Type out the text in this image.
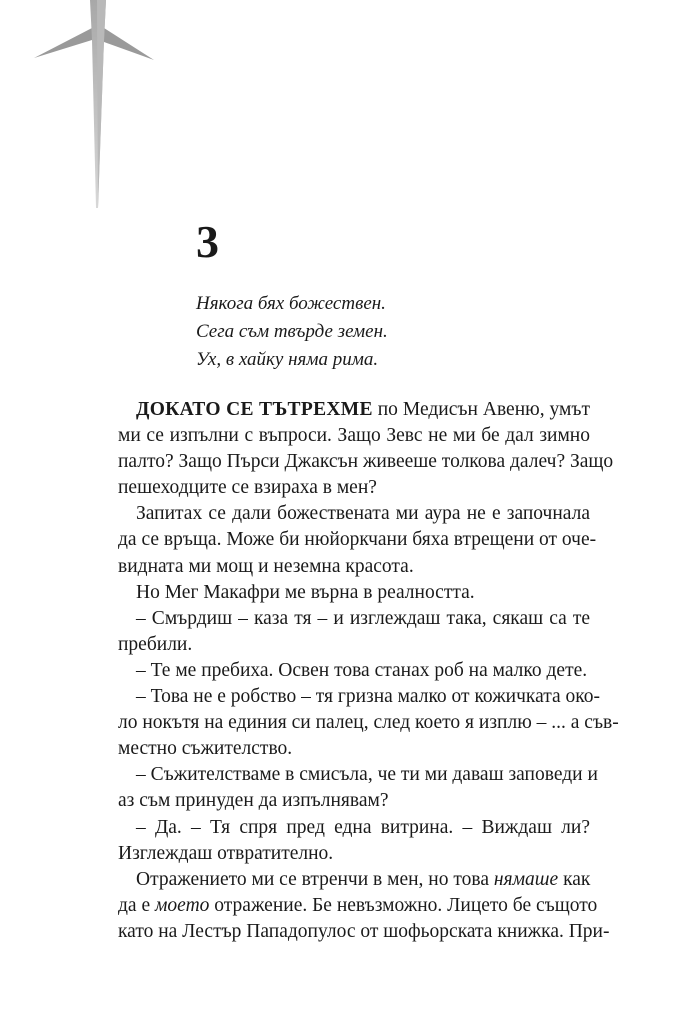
3
Някога бях божествен.
Сега съм твърде земен.
Ух, в хайку няма рима.

ДОКАТО СЕ ТЪТРЕХМЕ по Медисън Авеню, умът
ми се изпълни с въпроси. Защо Зевс не ми бе дал зимно
палто? Защо Пърси Джаксън живееше толкова далеч? Защо
пешеходците се взираха в мен?

Запитах се дали божествената ми аура не е започнала
да се връща. Може би нюйоркчани бяха втрещени от оче-
видната ми мощ и неземна красота.

Но Мег Макафри ме върна в реалността.

– Смърдиш – каза тя – и изглеждаш така, сякаш са те
пребили.

– Те ме пребиха. Освен това станах роб на малко дете.

– Това не е робство – тя гризна малко от кожичката око-
ло нокътя на единия си палец, след което я изплю – ... а съв-
местно съжителство.

– Съжителстваме в смисъла, че ти ми даваш заповеди и
аз съм принуден да изпълнявам?

– Да. – Тя спря пред една витрина. – Виждаш ли?
Изглеждаш отвратително.

Отражението ми се втренчи в мен, но това нямаше как
да е моето отражение. Бе невъзможно. Лицето бе същото
като на Лестър Пападопулос от шофьорската книжка. При-
